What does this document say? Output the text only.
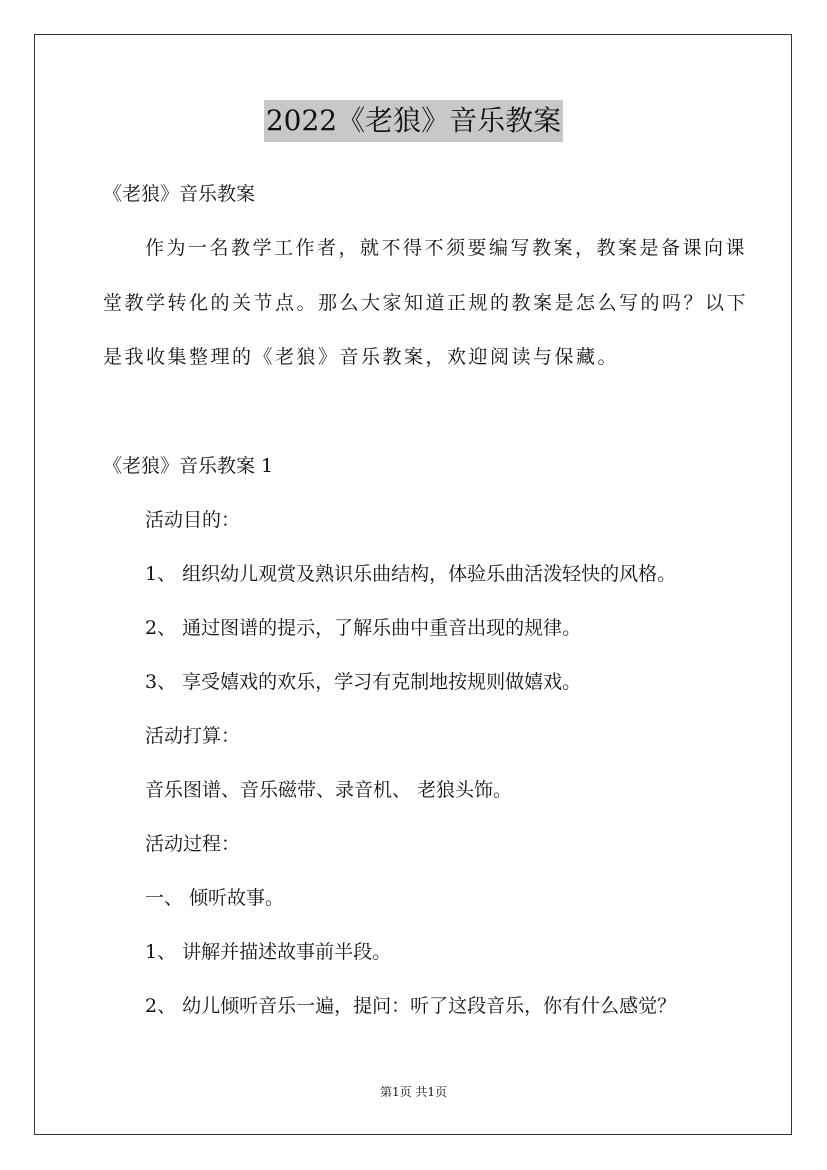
2022《老狼》音乐教案
《老狼》音乐教案
作为一名教学工作者，就不得不须要编写教案，教案是备课向课
堂教学转化的关节点。那么大家知道正规的教案是怎么写的吗？以下
是我收集整理的《老狼》音乐教案，欢迎阅读与保藏。
《老狼》音乐教案 1
活动目的：
1、 组织幼儿观赏及熟识乐曲结构，体验乐曲活泼轻快的风格。
2、 通过图谱的提示，了解乐曲中重音出现的规律。
3、 享受嬉戏的欢乐，学习有克制地按规则做嬉戏。
活动打算：
音乐图谱、音乐磁带、录音机、 老狼头饰。
活动过程：
一、 倾听故事。
1、 讲解并描述故事前半段。
2、 幼儿倾听音乐一遍，提问：听了这段音乐，你有什么感觉？
第1页 共1页
